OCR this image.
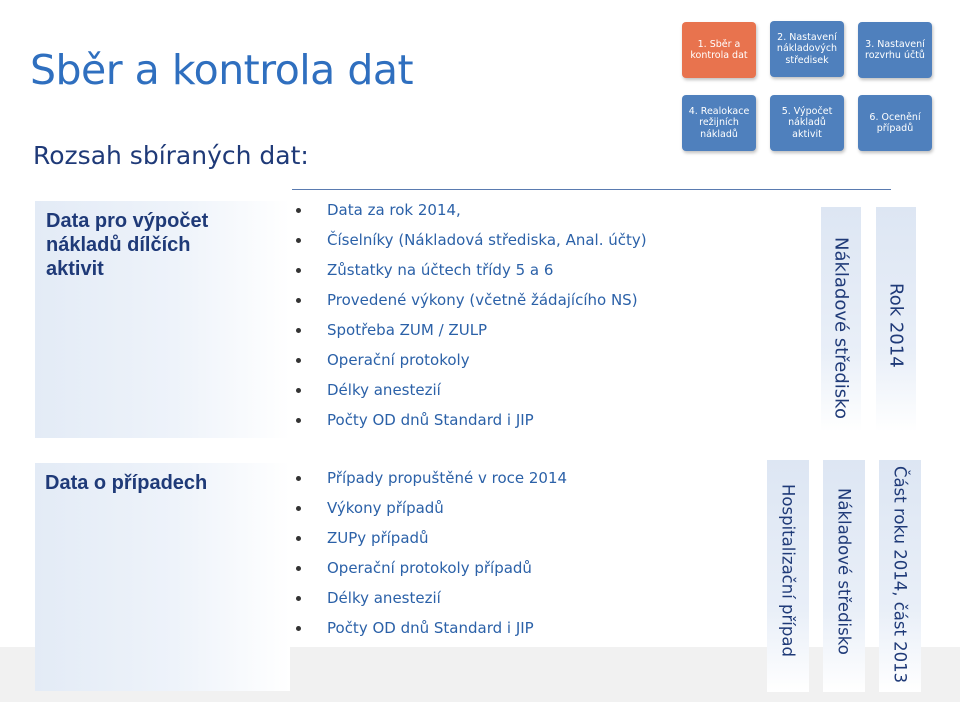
Sběr a kontrola dat
Rozsah sbíraných dat:
1. Sběr a kontrola dat
2. Nastavení nákladových středisek
3. Nastavení rozvrhu účtů
4. Realokace režijních nákladů
5. Výpočet nákladů aktivit
6. Ocenění případů
Data pro výpočet
nákladů dílčích
aktivit
Data za rok 2014,
Číselníky (Nákladová střediska, Anal. účty)
Zůstatky na účtech třídy 5 a 6
Provedené výkony (včetně žádajícího NS)
Spotřeba ZUM / ZULP
Operační protokoly
Délky anestezií
Počty OD dnů Standard i JIP
Nákladové středisko Rok 2014
Data o případech	Případy propuštěné v roce 2014
Výkony případů
ZUPy případů
Operační protokoly případů
Délky anestezií
Počty OD dnů Standard i JIP	Hospitalizační případ Nákladové středisko Část roku 2014, část 2013
